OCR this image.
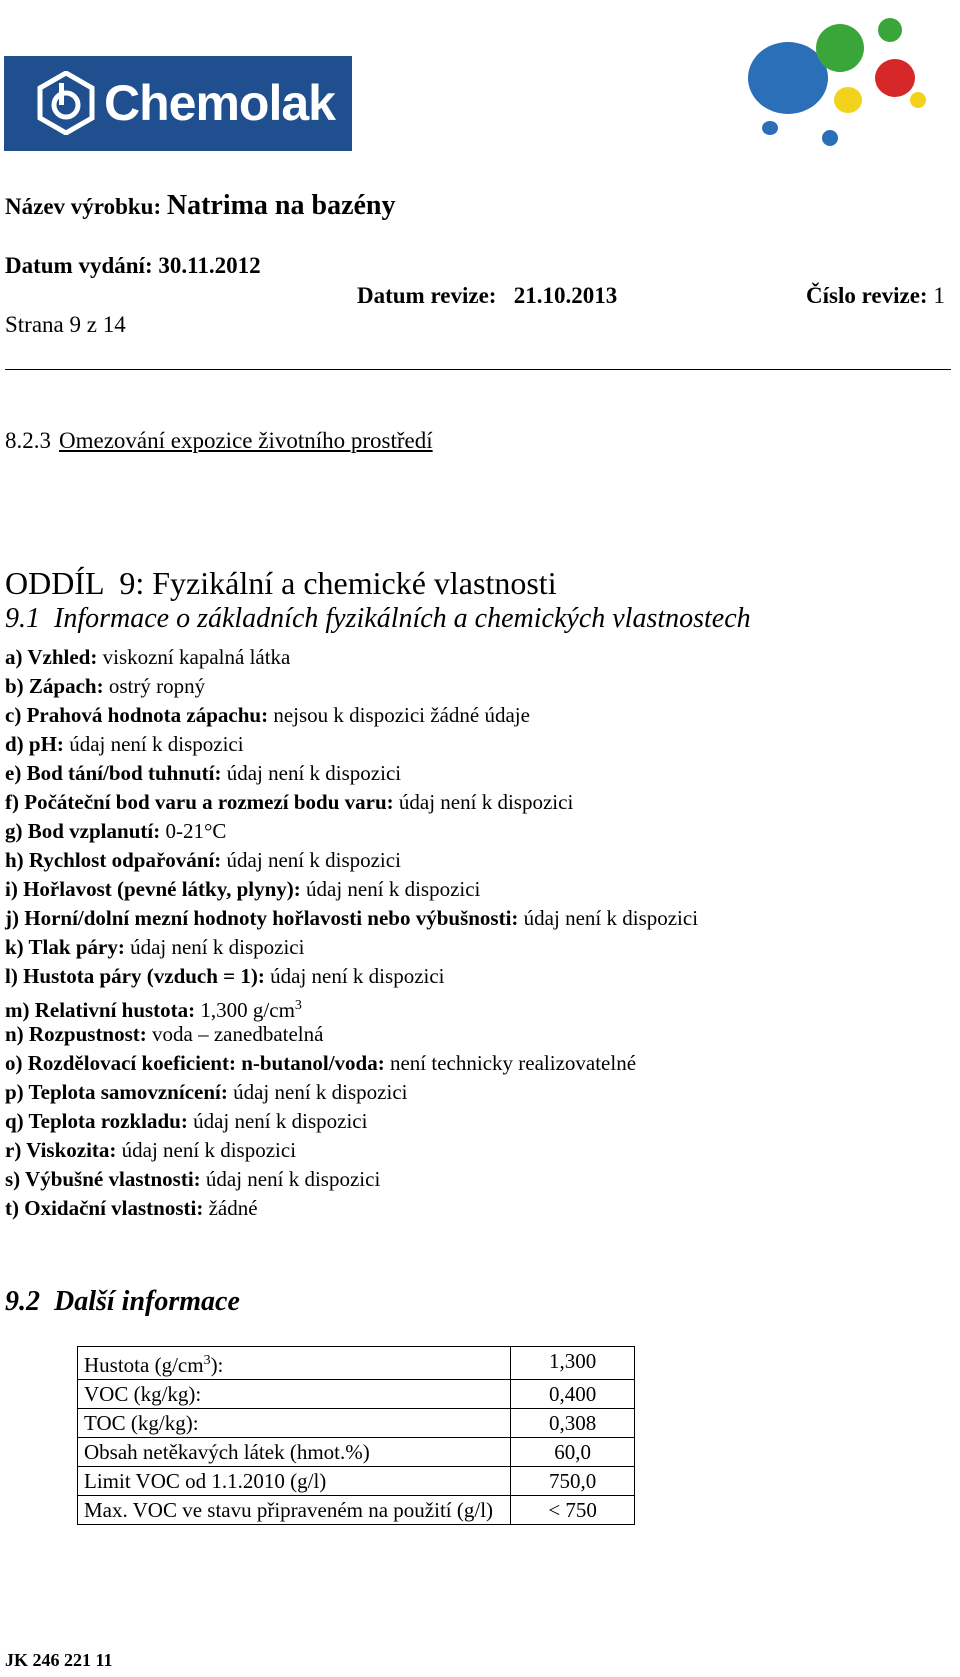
Chemolak
Název výrobku: Natrima na bazény
Datum vydání: 30.11.2012
Datum revize:   21.10.2013	Číslo revize: 1
Strana 9 z 14
8.2.3 Omezování expozice životního prostředí
ODDÍL  9: Fyzikální a chemické vlastnosti
9.1  Informace o základních fyzikálních a chemických vlastnostech
a) Vzhled: viskozní kapalná látka
b) Zápach: ostrý ropný
c) Prahová hodnota zápachu: nejsou k dispozici žádné údaje
d) pH: údaj není k dispozici
e) Bod tání/bod tuhnutí: údaj není k dispozici
f) Počáteční bod varu a rozmezí bodu varu: údaj není k dispozici
g) Bod vzplanutí: 0-21°C
h) Rychlost odpařování: údaj není k dispozici
i) Hořlavost (pevné látky, plyny): údaj není k dispozici
j) Horní/dolní mezní hodnoty hořlavosti nebo výbušnosti: údaj není k dispozici
k) Tlak páry: údaj není k dispozici
l) Hustota páry (vzduch = 1): údaj není k dispozici
m) Relativní hustota: 1,300 $g/cm^3$
n) Rozpustnost: voda – zanedbatelná
o) Rozdělovací koeficient: n-butanol/voda: není technicky realizovatelné
p) Teplota samovznícení: údaj není k dispozici
q) Teplota rozkladu: údaj není k dispozici
r) Viskozita: údaj není k dispozici
s) Výbušné vlastnosti: údaj není k dispozici
t) Oxidační vlastnosti: žádné
9.2  Další informace
Hustota $(g/cm^3)$:	1,300
VOC (kg/kg):	0,400
TOC (kg/kg):	0,308
Obsah netěkavých látek (hmot.%)	60,0
Limit VOC od 1.1.2010 (g/l)	750,0
Max. VOC ve stavu připraveném na použití (g/l)	< 750
JK 246 221 11
